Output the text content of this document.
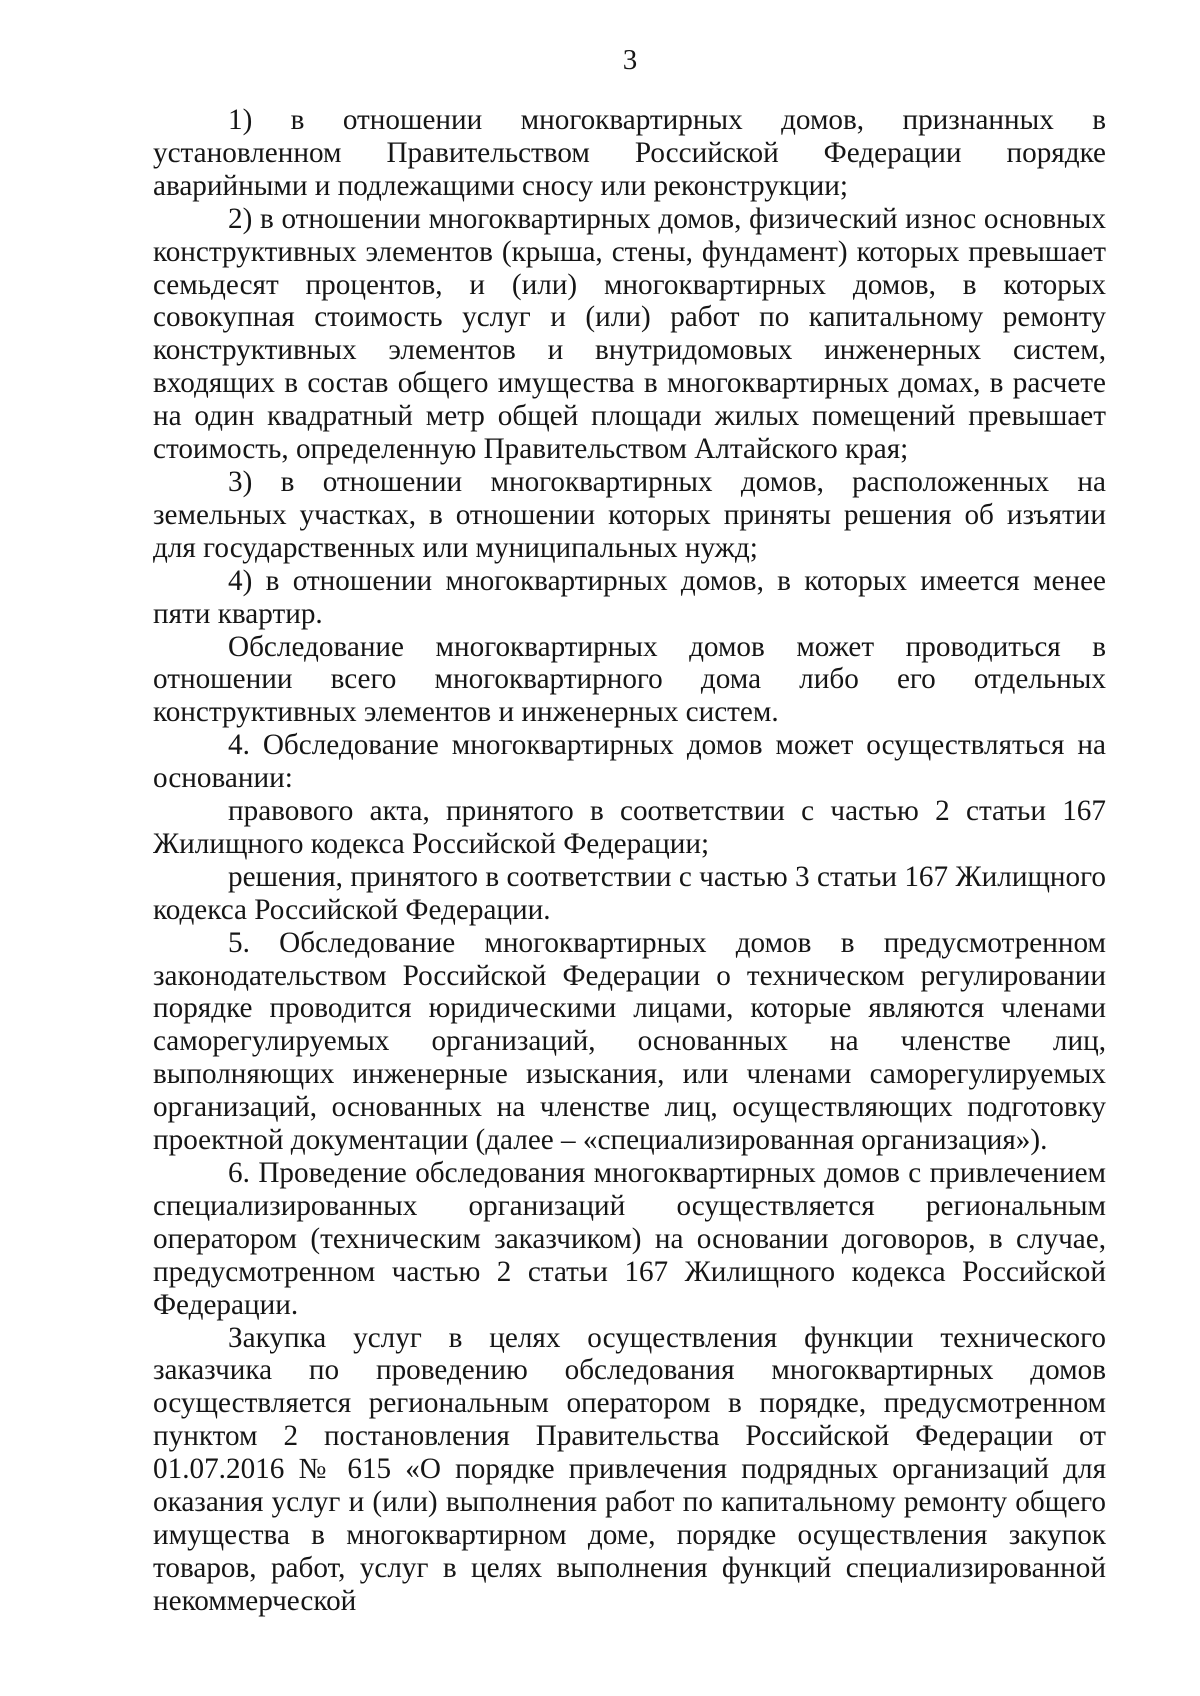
3

1) в отношении многоквартирных домов, признанных в установленном Правительством Российской Федерации порядке аварийными и подлежащими сносу или реконструкции;

2) в отношении многоквартирных домов, физический износ основных конструктивных элементов (крыша, стены, фундамент) которых превышает семьдесят процентов, и (или) многоквартирных домов, в которых совокупная стоимость услуг и (или) работ по капитальному ремонту конструктивных элементов и внутридомовых инженерных систем, входящих в состав общего имущества в многоквартирных домах, в расчете на один квадратный метр общей площади жилых помещений превышает стоимость, определенную Правительством Алтайского края;

3) в отношении многоквартирных домов, расположенных на земельных участках, в отношении которых приняты решения об изъятии для государственных или муниципальных нужд;

4) в отношении многоквартирных домов, в которых имеется менее пяти квартир.

Обследование многоквартирных домов может проводиться в отношении всего многоквартирного дома либо его отдельных конструктивных элементов и инженерных систем.

4. Обследование многоквартирных домов может осуществляться на основании:

правового акта, принятого в соответствии с частью 2 статьи 167 Жилищного кодекса Российской Федерации;

решения, принятого в соответствии с частью 3 статьи 167 Жилищного кодекса Российской Федерации.

5. Обследование многоквартирных домов в предусмотренном законодательством Российской Федерации о техническом регулировании порядке проводится юридическими лицами, которые являются членами саморегулируемых организаций, основанных на членстве лиц, выполняющих инженерные изыскания, или членами саморегулируемых организаций, основанных на членстве лиц, осуществляющих подготовку проектной документации (далее – «специализированная организация»).

6. Проведение обследования многоквартирных домов с привлечением специализированных организаций осуществляется региональным оператором (техническим заказчиком) на основании договоров, в случае, предусмотренном частью 2 статьи 167 Жилищного кодекса Российской Федерации.

Закупка услуг в целях осуществления функции технического заказчика по проведению обследования многоквартирных домов осуществляется региональным оператором в порядке, предусмотренном пунктом 2 постановления Правительства Российской Федерации от 01.07.2016 № 615 «О порядке привлечения подрядных организаций для оказания услуг и (или) выполнения работ по капитальному ремонту общего имущества в многоквартирном доме, порядке осуществления закупок товаров, работ, услуг в целях выполнения функций специализированной некоммерческой
